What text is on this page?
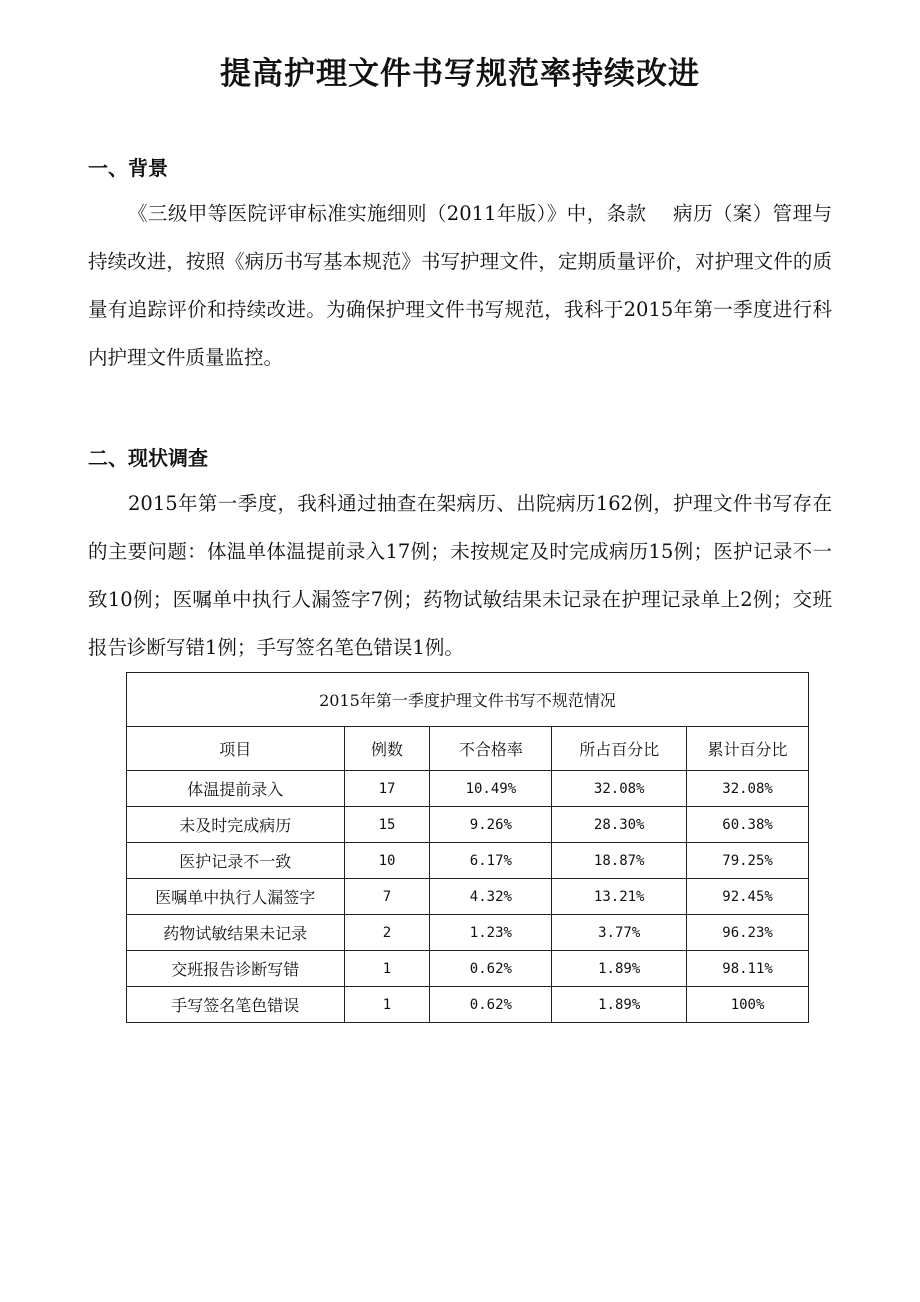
提高护理文件书写规范率持续改进
一、背景

《三级甲等医院评审标准实施细则（2011年版）》中，条款　 病历（案）管理与持续改进，按照《病历书写基本规范》书写护理文件，定期质量评价，对护理文件的质量有追踪评价和持续改进。为确保护理文件书写规范，我科于2015年第一季度进行科内护理文件质量监控。

二、现状调查

2015年第一季度，我科通过抽查在架病历、出院病历162例，护理文件书写存在的主要问题：体温单体温提前录入17例；未按规定及时完成病历15例；医护记录不一致10例；医嘱单中执行人漏签字7例；药物试敏结果未记录在护理记录单上2例；交班报告诊断写错1例；手写签名笔色错误1例。

2015年第一季度护理文件书写不规范情况				
项目	例数	不合格率	所占百分比	累计百分比
体温提前录入	17	10.49%	32.08%	32.08%
未及时完成病历	15	9.26%	28.30%	60.38%
医护记录不一致	10	6.17%	18.87%	79.25%
医嘱单中执行人漏签字	7	4.32%	13.21%	92.45%
药物试敏结果未记录	2	1.23%	3.77%	96.23%
交班报告诊断写错	1	0.62%	1.89%	98.11%
手写签名笔色错误	1	0.62%	1.89%	100%
